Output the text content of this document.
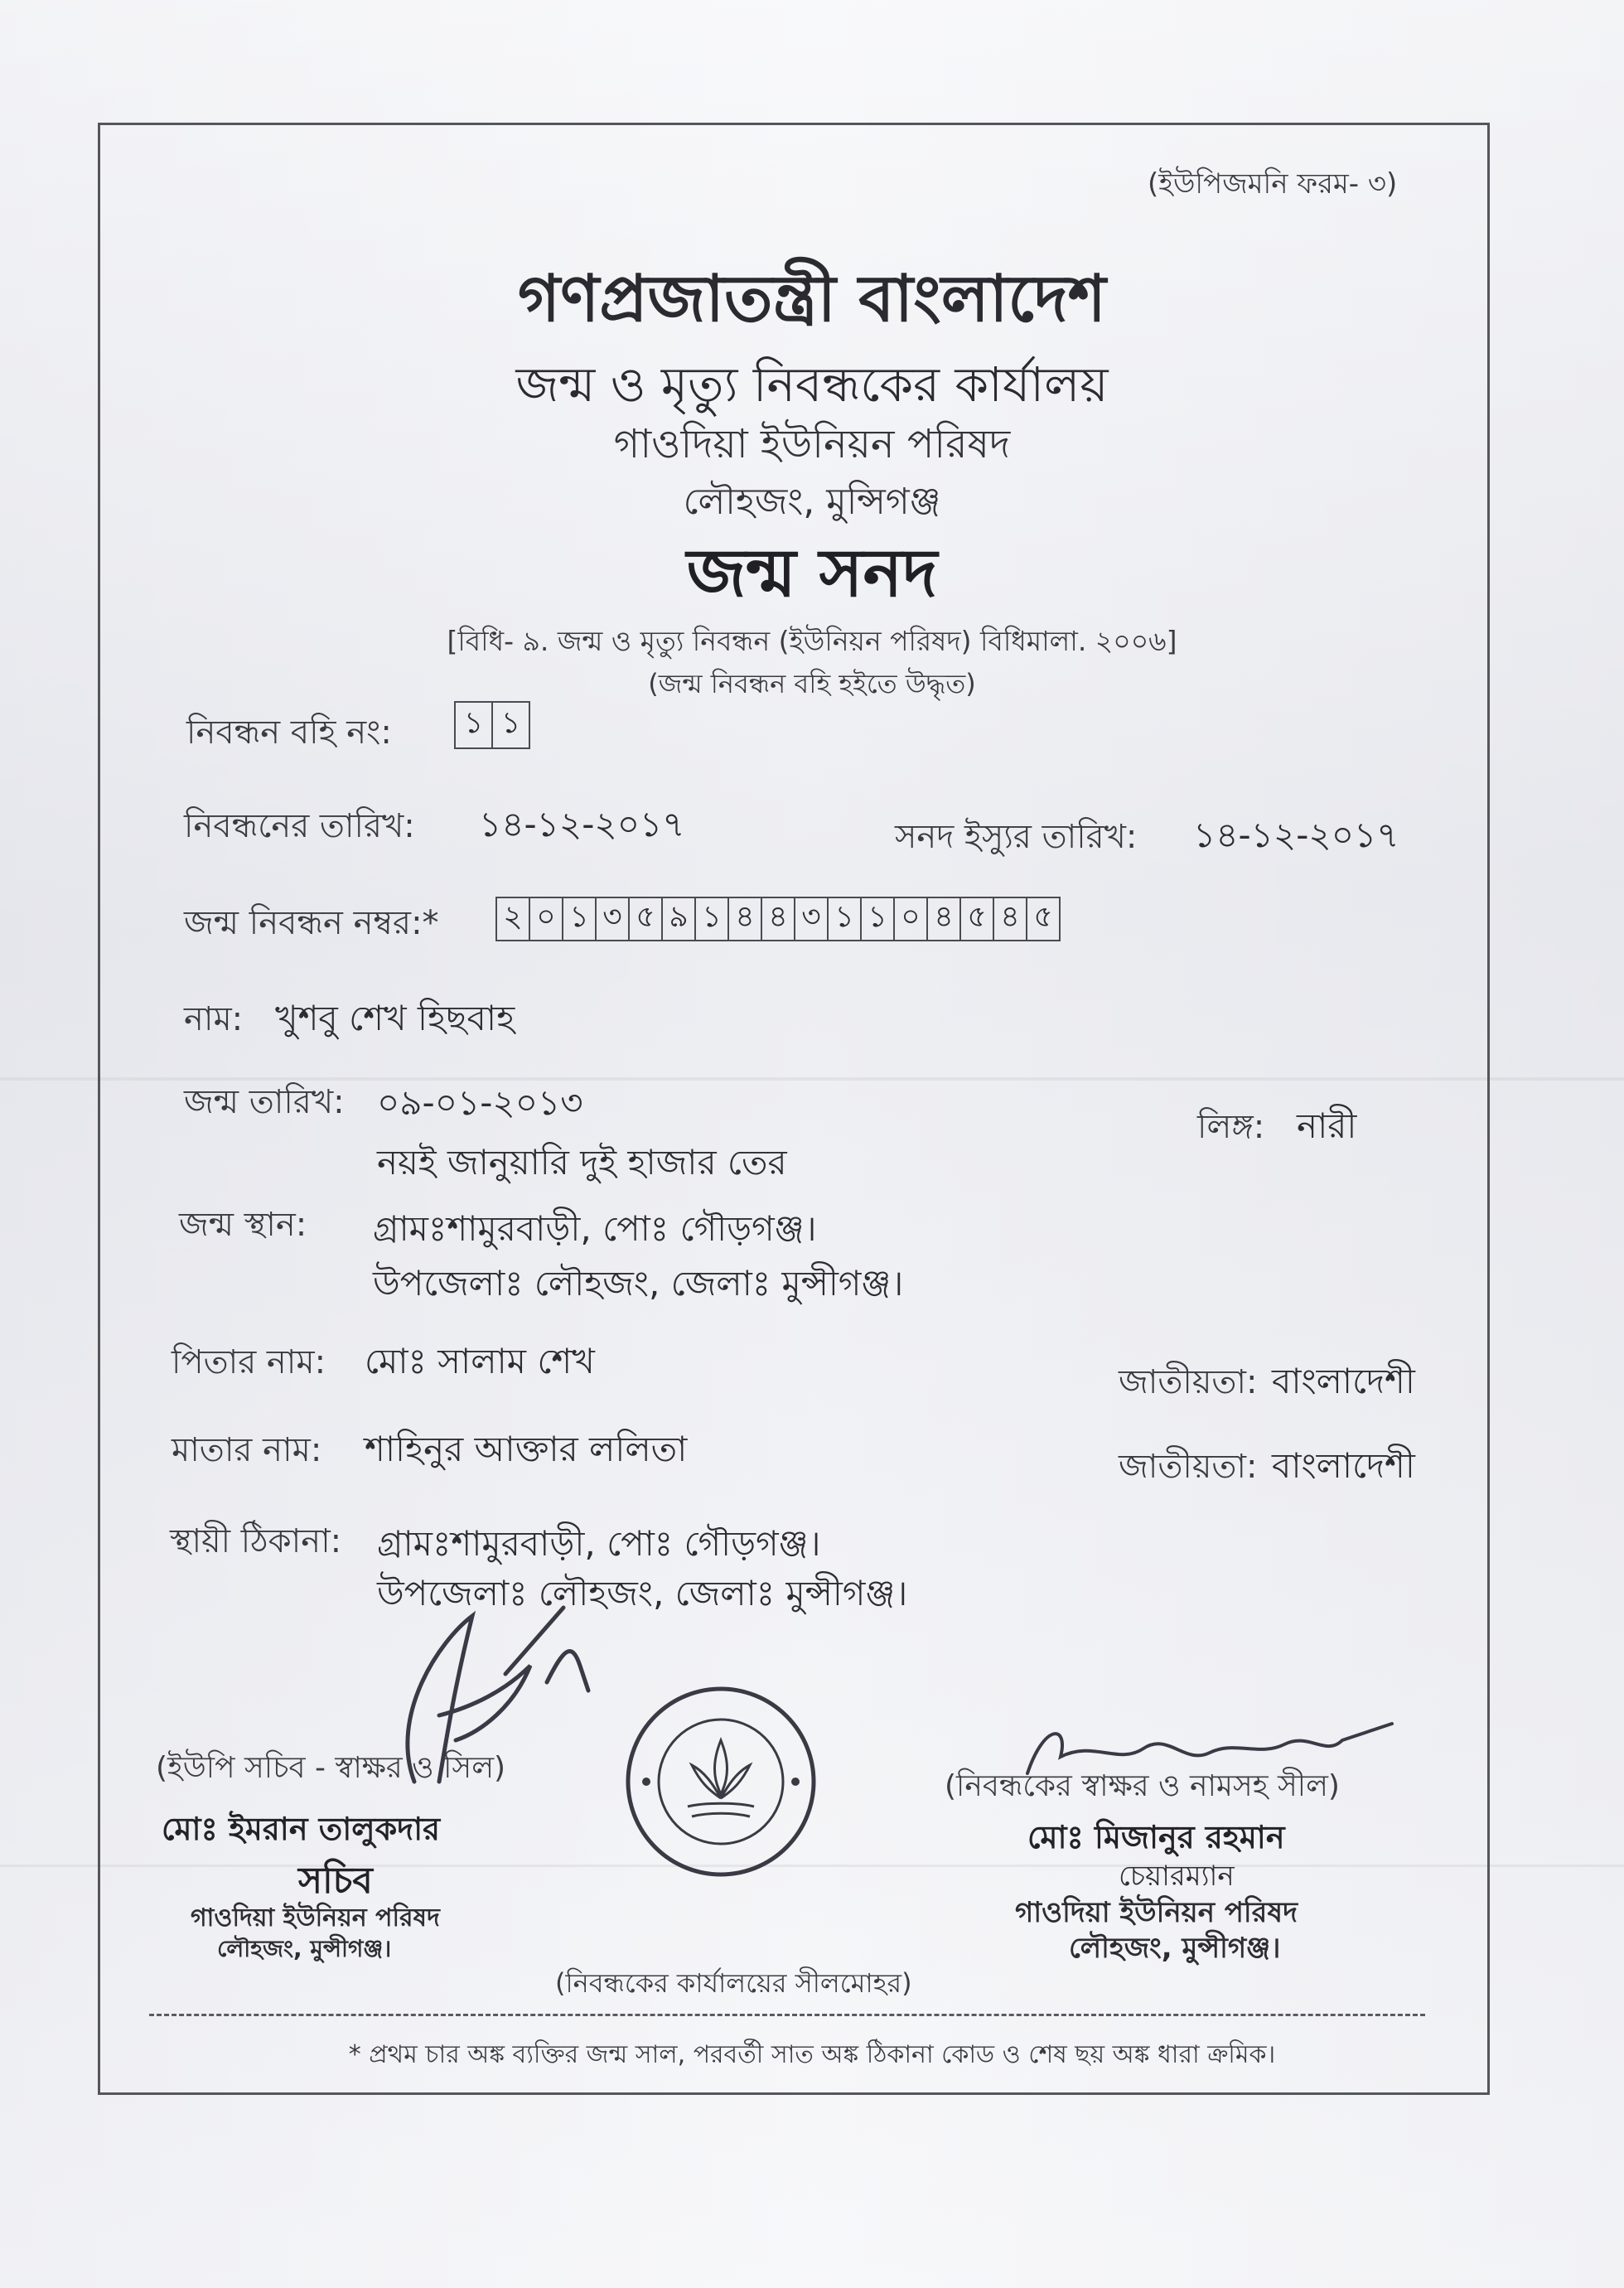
(ইউপিজমনি ফরম- ৩)
গণপ্রজাতন্ত্রী বাংলাদেশ
জন্ম ও মৃত্যু নিবন্ধকের কার্যালয়
গাওদিয়া ইউনিয়ন পরিষদ
লৌহজং, মুন্সিগঞ্জ
জন্ম সনদ
[বিধি- ৯. জন্ম ও মৃত্যু নিবন্ধন (ইউনিয়ন পরিষদ) বিধিমালা. ২০০৬]
(জন্ম নিবন্ধন বহি হইতে উদ্ধৃত)
নিবন্ধন বহি নং:	১ ১
নিবন্ধনের তারিখ: ১৪-১২-২০১৭	সনদ ইস্যুর তারিখ: ১৪-১২-২০১৭
জন্ম নিবন্ধন নম্বর:* ২ ০ ১ ৩ ৫ ৯ ১ ৪ ৪ ৩ ১ ১ ০ ৪ ৫ ৪ ৫
নাম: খুশবু শেখ হিছবাহ
জন্ম তারিখ: ০৯-০১-২০১৩
নয়ই জানুয়ারি দুই হাজার তের
লিঙ্গ: নারী
জন্ম স্থান: গ্রামঃশামুরবাড়ী, পোঃ গৌড়গঞ্জ।
উপজেলাঃ লৌহজং, জেলাঃ মুন্সীগঞ্জ।
পিতার নাম: মোঃ সালাম শেখ
জাতীয়তা: বাংলাদেশী
মাতার নাম: শাহিনুর আক্তার ললিতা	জাতীয়তা: বাংলাদেশী
স্থায়ী ঠিকানা: গ্রামঃশামুরবাড়ী, পোঃ গৌড়গঞ্জ।
উপজেলাঃ লৌহজং, জেলাঃ মুন্সীগঞ্জ।
(ইউপি সচিব - স্বাক্ষর ও সিল)
মোঃ ইমরান তালুকদার
সচিব
গাওদিয়া ইউনিয়ন পরিষদ
লৌহজং, মুন্সীগঞ্জ।
(নিবন্ধকের কার্যালয়ের সীলমোহর)
(নিবন্ধকের স্বাক্ষর ও নামসহ সীল)
মোঃ মিজানুর রহমান
চেয়ারম্যান
গাওদিয়া ইউনিয়ন পরিষদ
লৌহজং, মুন্সীগঞ্জ।
* প্রথম চার অঙ্ক ব্যক্তির জন্ম সাল, পরবর্তী সাত অঙ্ক ঠিকানা কোড ও শেষ ছয় অঙ্ক ধারা ক্রমিক।
